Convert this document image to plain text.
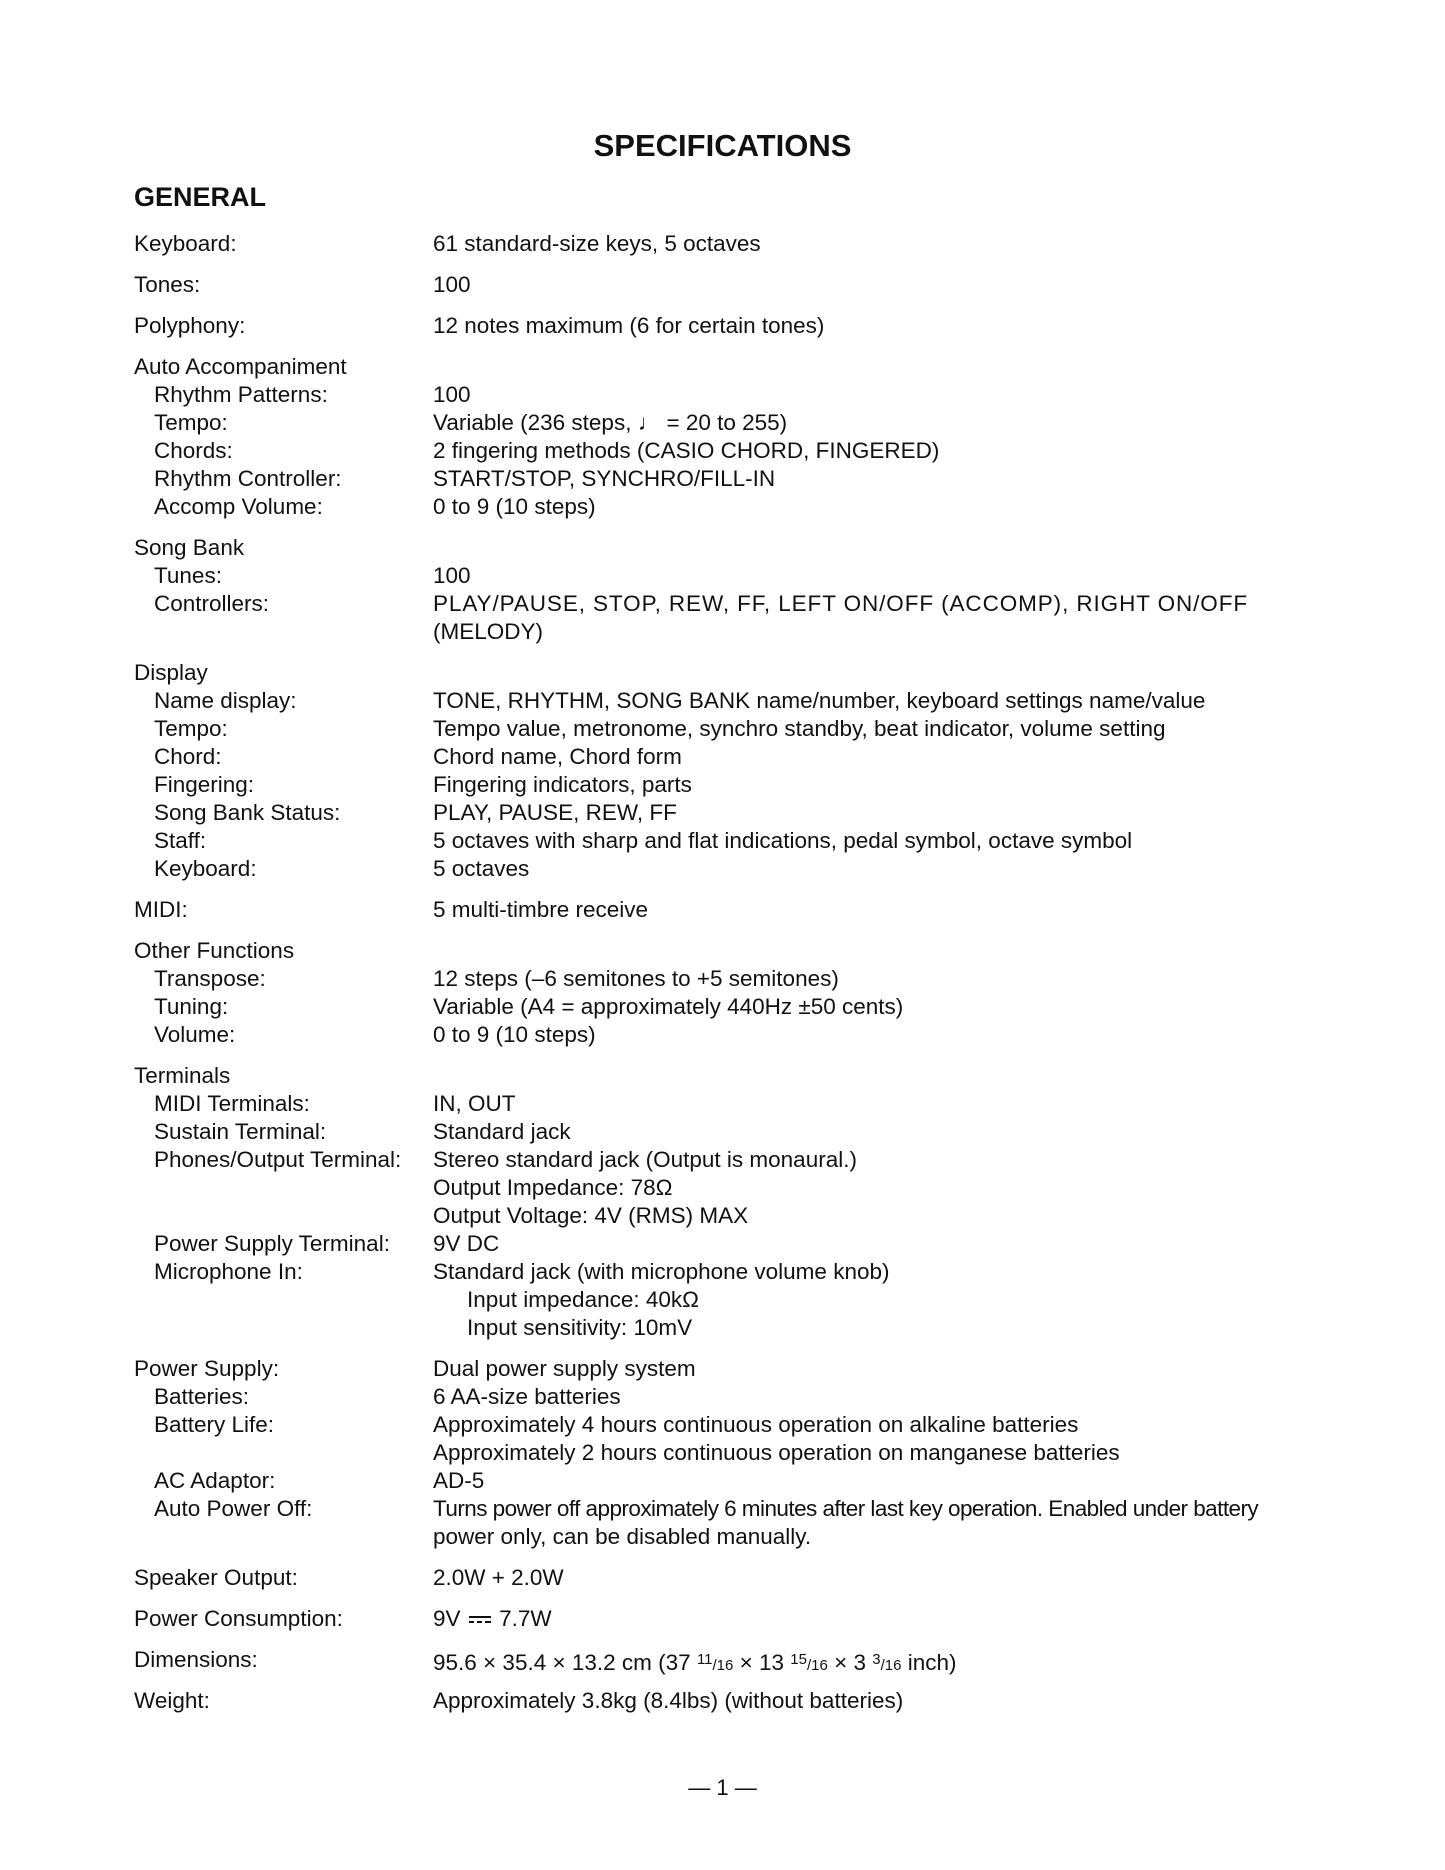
SPECIFICATIONS
GENERAL
Keyboard:	61 standard-size keys, 5 octaves
Tones:	100
Polyphony:	12 notes maximum (6 for certain tones)
Auto Accompaniment
Rhythm Patterns:	100
Tempo:	Variable (236 steps, ♩ = 20 to 255)
Chords:	2 fingering methods (CASIO CHORD, FINGERED)
Rhythm Controller:	START/STOP, SYNCHRO/FILL-IN
Accomp Volume:	0 to 9 (10 steps)
Song Bank
Tunes:	100
Controllers:	PLAY/PAUSE, STOP, REW, FF, LEFT ON/OFF (ACCOMP), RIGHT ON/OFF
(MELODY)
Display
Name display:	TONE, RHYTHM, SONG BANK name/number, keyboard settings name/value
Tempo:	Tempo value, metronome, synchro standby, beat indicator, volume setting
Chord:	Chord name, Chord form
Fingering:	Fingering indicators, parts
Song Bank Status:	PLAY, PAUSE, REW, FF
Staff:	5 octaves with sharp and flat indications, pedal symbol, octave symbol
Keyboard:	5 octaves
MIDI:	5 multi-timbre receive
Other Functions
Transpose:	12 steps (–6 semitones to +5 semitones)
Tuning:	Variable (A4 = approximately 440Hz ±50 cents)
Volume:	0 to 9 (10 steps)
Terminals
MIDI Terminals:	IN, OUT
Sustain Terminal:	Standard jack
Phones/Output Terminal: Stereo standard jack (Output is monaural.)
Output Impedance: 78Ω
Output Voltage: 4V (RMS) MAX
Power Supply Terminal: 9V DC
Microphone In:	Standard jack (with microphone volume knob)
Input impedance: 40kΩ
Input sensitivity: 10mV
Power Supply:	Dual power supply system
Batteries:	6 AA-size batteries
Battery Life:	Approximately 4 hours continuous operation on alkaline batteries
Approximately 2 hours continuous operation on manganese batteries
AC Adaptor:	AD-5
Auto Power Off:	Turns power off approximately 6 minutes after last key operation. Enabled under battery
power only, can be disabled manually.
Speaker Output:	2.0W + 2.0W
Power Consumption:	9V 7.7W
Dimensions:	95.6 × 35.4 × 13.2 cm (37 $^{11}$/16 × 13 $^{15}$/16 × 3 $^3$/16 inch)
Weight:	Approximately 3.8kg (8.4lbs) (without batteries)
— 1 —
